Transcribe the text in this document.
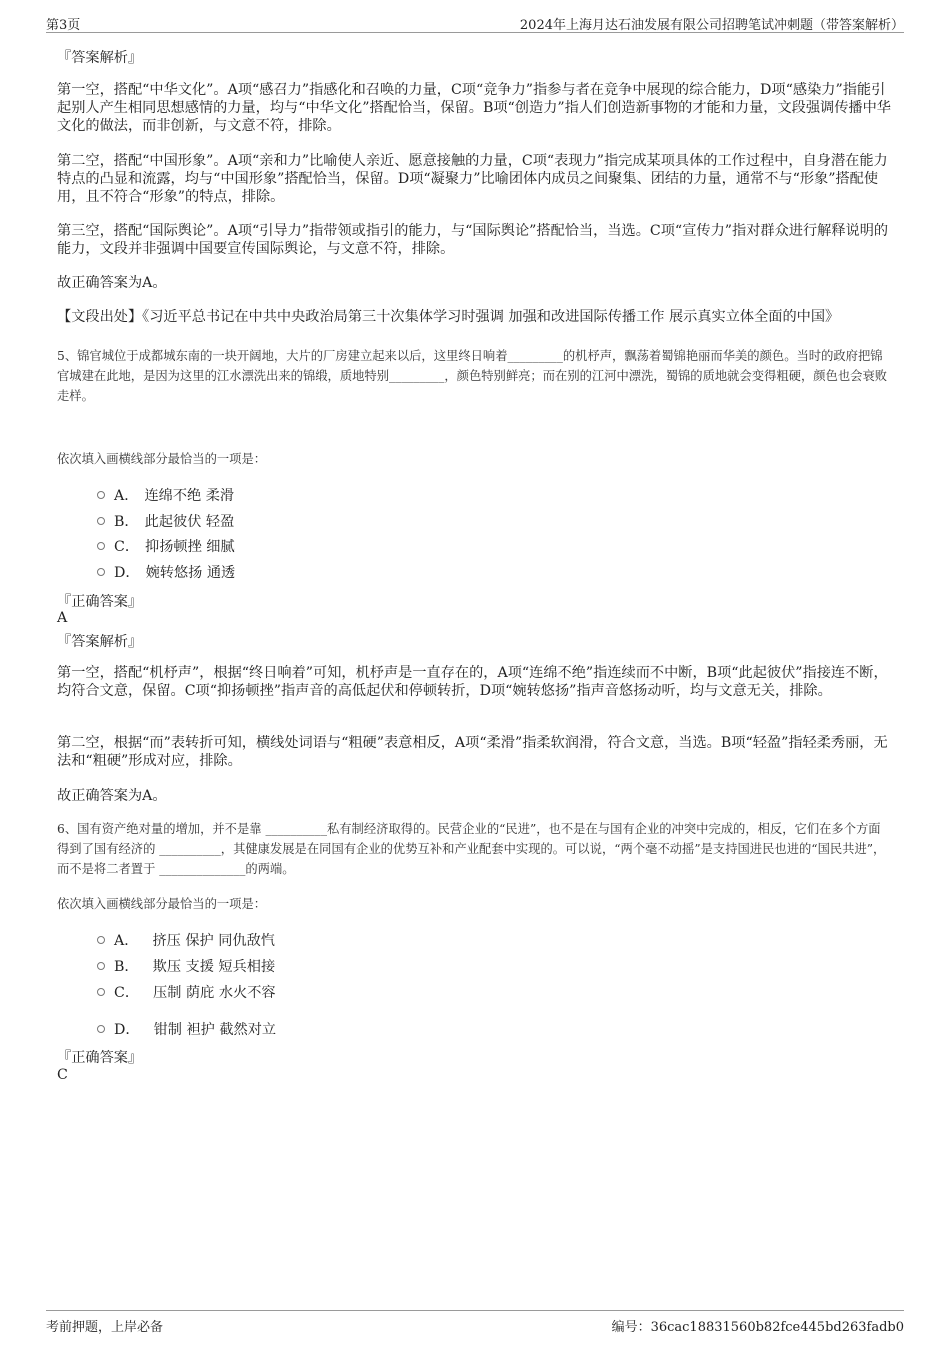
第3页	2024年上海月达石油发展有限公司招聘笔试冲刺题（带答案解析）
『答案解析』
第一空，搭配“中华文化”。A项“感召力”指感化和召唤的力量，C项“竞争力”指参与者在竞争中展现的综合能力，D项“感染力”指能引起别人产生相同思想感情的力量，均与“中华文化”搭配恰当，保留。B项“创造力”指人们创造新事物的才能和力量，文段强调传播中华文化的做法，而非创新，与文意不符，排除。
第二空，搭配“中国形象”。A项“亲和力”比喻使人亲近、愿意接触的力量，C项“表现力”指完成某项具体的工作过程中，自身潜在能力特点的凸显和流露，均与“中国形象”搭配恰当，保留。D项“凝聚力”比喻团体内成员之间聚集、团结的力量，通常不与“形象”搭配使用，且不符合“形象”的特点，排除。
第三空，搭配“国际舆论”。A项“引导力”指带领或指引的能力，与“国际舆论”搭配恰当，当选。C项“宣传力”指对群众进行解释说明的能力，文段并非强调中国要宣传国际舆论，与文意不符，排除。
故正确答案为A。
【文段出处】《习近平总书记在中共中央政治局第三十次集体学习时强调 加强和改进国际传播工作 展示真实立体全面的中国》
5、锦官城位于成都城东南的一块开阔地，大片的厂房建立起来以后，这里终日响着_________的机杼声，飘荡着蜀锦艳丽而华美的颜色。当时的政府把锦官城建在此地，是因为这里的江水漂洗出来的锦缎，质地特别_________，颜色特别鲜亮；而在别的江河中漂洗，蜀锦的质地就会变得粗硬，颜色也会衰败走样。
依次填入画横线部分最恰当的一项是：
A． 连绵不绝 柔滑
B． 此起彼伏 轻盈
C． 抑扬顿挫 细腻
D． 婉转悠扬 通透
『正确答案』
A
『答案解析』
第一空，搭配“机杼声”，根据“终日响着”可知，机杼声是一直存在的，A项“连绵不绝”指连续而不中断，B项“此起彼伏”指接连不断，均符合文意，保留。C项“抑扬顿挫”指声音的高低起伏和停顿转折，D项“婉转悠扬”指声音悠扬动听，均与文意无关，排除。
第二空，根据“而”表转折可知，横线处词语与“粗硬”表意相反，A项“柔滑”指柔软润滑，符合文意，当选。B项“轻盈”指轻柔秀丽，无法和“粗硬”形成对应，排除。
故正确答案为A。
6、国有资产绝对量的增加，并不是靠 __________私有制经济取得的。民营企业的“民进”，也不是在与国有企业的冲突中完成的，相反，它们在多个方面得到了国有经济的 __________，其健康发展是在同国有企业的优势互补和产业配套中实现的。可以说，“两个毫不动摇”是支持国进民也进的“国民共进”，而不是将二者置于 ______________的两端。
依次填入画横线部分最恰当的一项是：
A． 挤压 保护 同仇敌忾
B． 欺压 支援 短兵相接
C． 压制 荫庇 水火不容
D． 钳制 袒护 截然对立
『正确答案』
C
考前押题，上岸必备	编号：36cac18831560b82fce445bd263fadb0
